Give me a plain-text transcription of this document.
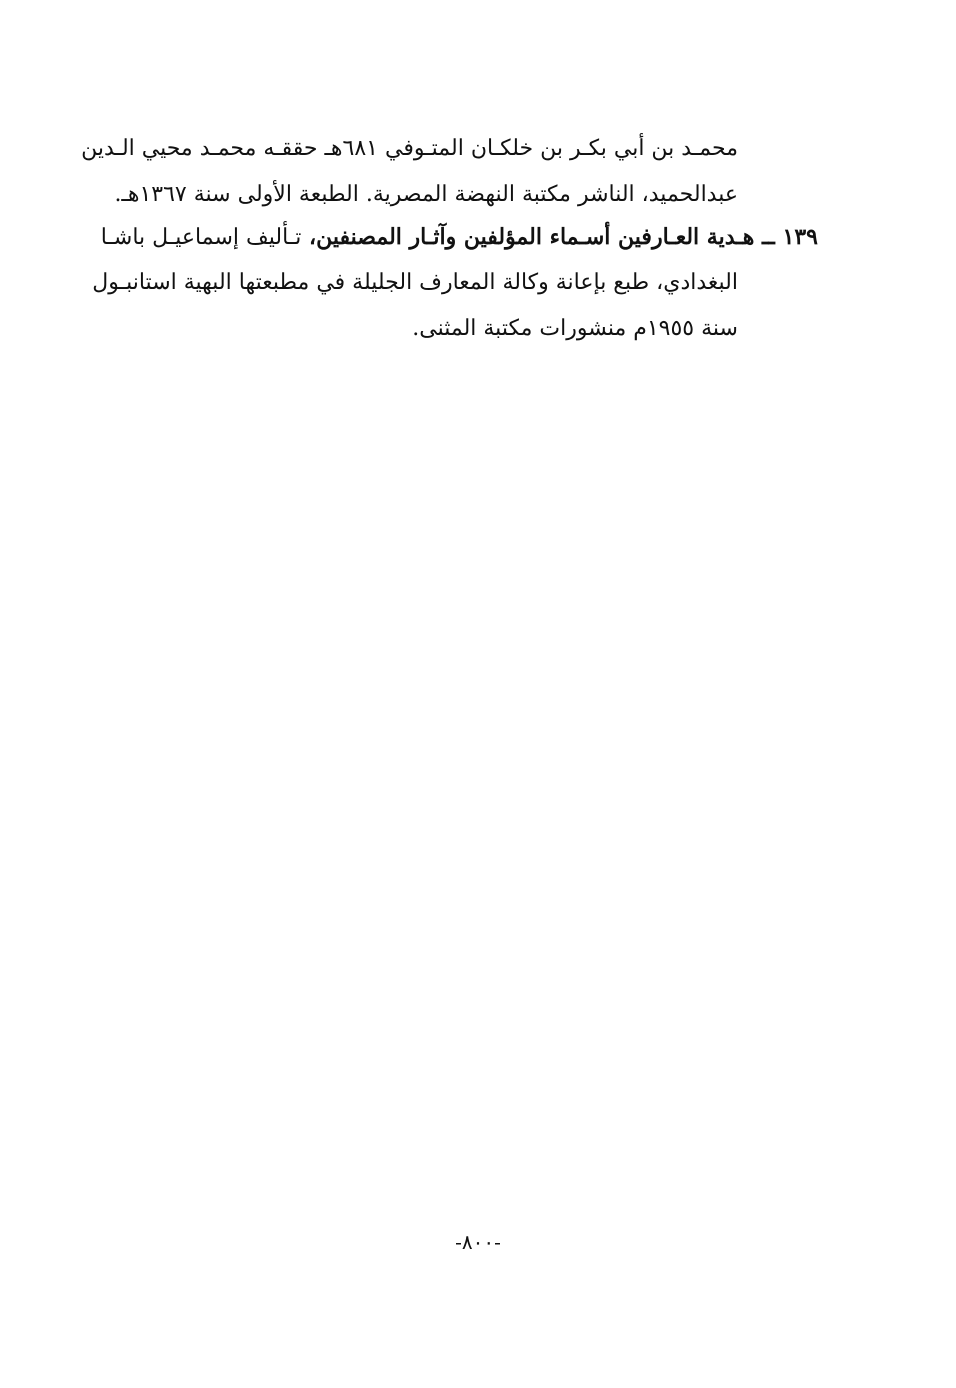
محمـد بن أبي بكـر بن خلكـان المتـوفي ٦٨١هـ حققـه محمـد محيي الـدين
عبدالحميد، الناشر مكتبة النهضة المصرية. الطبعة الأولى سنة ١٣٦٧هـ.
١٣٩ ــ هـدية العـارفين أسـماء المؤلفين وآثـار المصنفين، تـأليف إسماعيـل باشـا
البغدادي، طبع بإعانة وكالة المعارف الجليلة في مطبعتها البهية استانبـول
سنة ١٩٥٥م منشورات مكتبة المثنى.
-٨٠٠-
